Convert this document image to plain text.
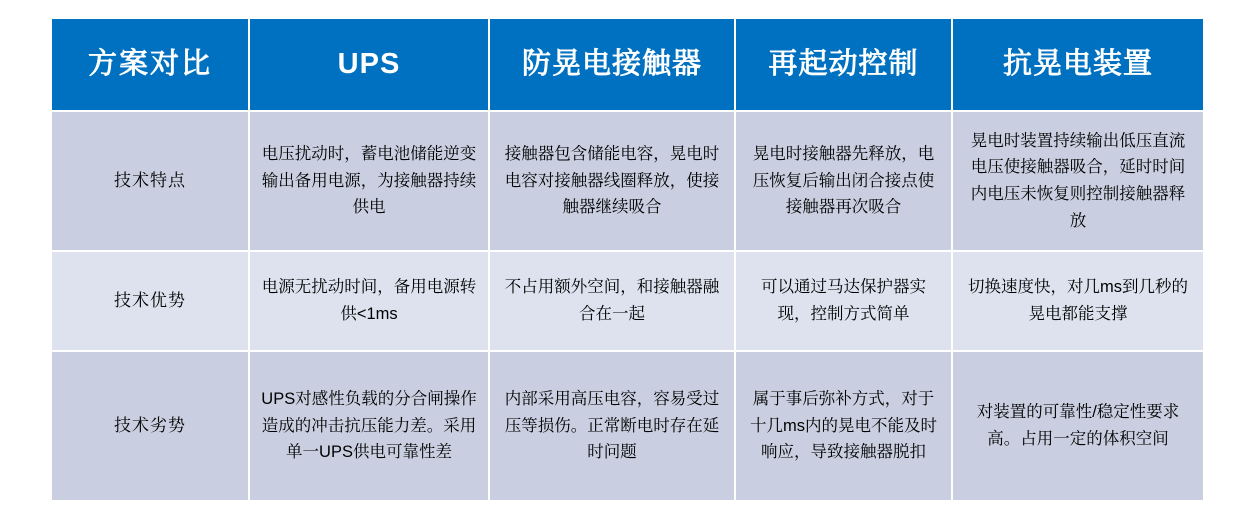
方案对比	UPS	防晃电接触器	再起动控制	抗晃电装置
技术特点	电压扰动时，蓄电池储能逆变输出备用电源，为接触器持续供电	接触器包含储能电容，晃电时电容对接触器线圈释放，使接触器继续吸合	晃电时接触器先释放，电压恢复后输出闭合接点使接触器再次吸合	晃电时装置持续输出低压直流电压使接触器吸合，延时时间内电压未恢复则控制接触器释放
技术优势	电源无扰动时间，备用电源转供<1ms	不占用额外空间，和接触器融合在一起	可以通过马达保护器实现，控制方式简单	切换速度快，对几ms到几秒的晃电都能支撑
技术劣势	UPS对感性负载的分合闸操作造成的冲击抗压能力差。采用单一UPS供电可靠性差	内部采用高压电容，容易受过压等损伤。正常断电时存在延时问题	属于事后弥补方式，对于十几ms内的晃电不能及时响应，导致接触器脱扣	对装置的可靠性/稳定性要求高。占用一定的体积空间
